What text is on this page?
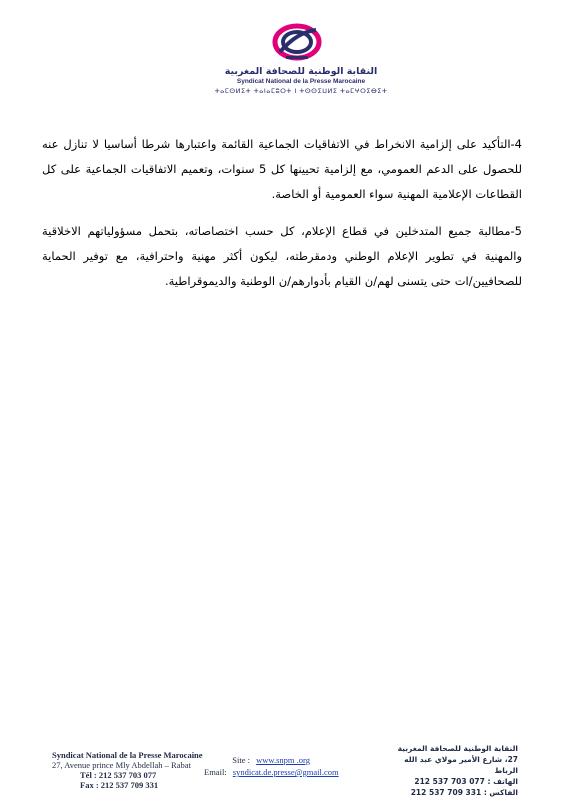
النقابة الوطنية للصحافة المغربية
Syndicat National de la Presse Marocaine
ⵜⴰⵎⵙⵍⵉⵜ ⵜⴰⵏⴰⵎⵓⵔⵜ ⵏ ⵜⵙⵙⵉⵡⵍⵉ ⵜⴰⵎⵖⵔⵉⴱⵉⵜ

4-التأكيد على إلزامية الانخراط في الاتفاقيات الجماعية القائمة واعتبارها شرطا أساسيا لا تنازل عنه للحصول على الدعم العمومي، مع إلزامية تحيينها كل 5 سنوات، وتعميم الاتفاقيات الجماعية على كل القطاعات الإعلامية المهنية سواء العمومية أو الخاصة.

5-مطالبة جميع المتدخلين في قطاع الإعلام، كل حسب اختصاصاته، بتحمل مسؤولياتهم الاخلاقية والمهنية في تطوير الإعلام الوطني ودمقرطته، ليكون أكثر مهنية واحترافية، مع توفير الحماية للصحافيين/ات حتى يتسنى لهم/ن القيام بأدوارهم/ن الوطنية والديموقراطية.

Syndicat National de la Presse Marocaine
27, Avenue prince Mly Abdellah – Rabat
Tél : 212 537 703 077
Fax : 212 537 709 331
Site : www.snpm .org
Email: syndicat.de.presse@gmail.com
النقابة الوطنية للصحافة المغربية
27، شارع الأمير مولاي عبد الله الرباط
الهاتف : 077 703 537 212
الفاكس : 331 709 537 212
